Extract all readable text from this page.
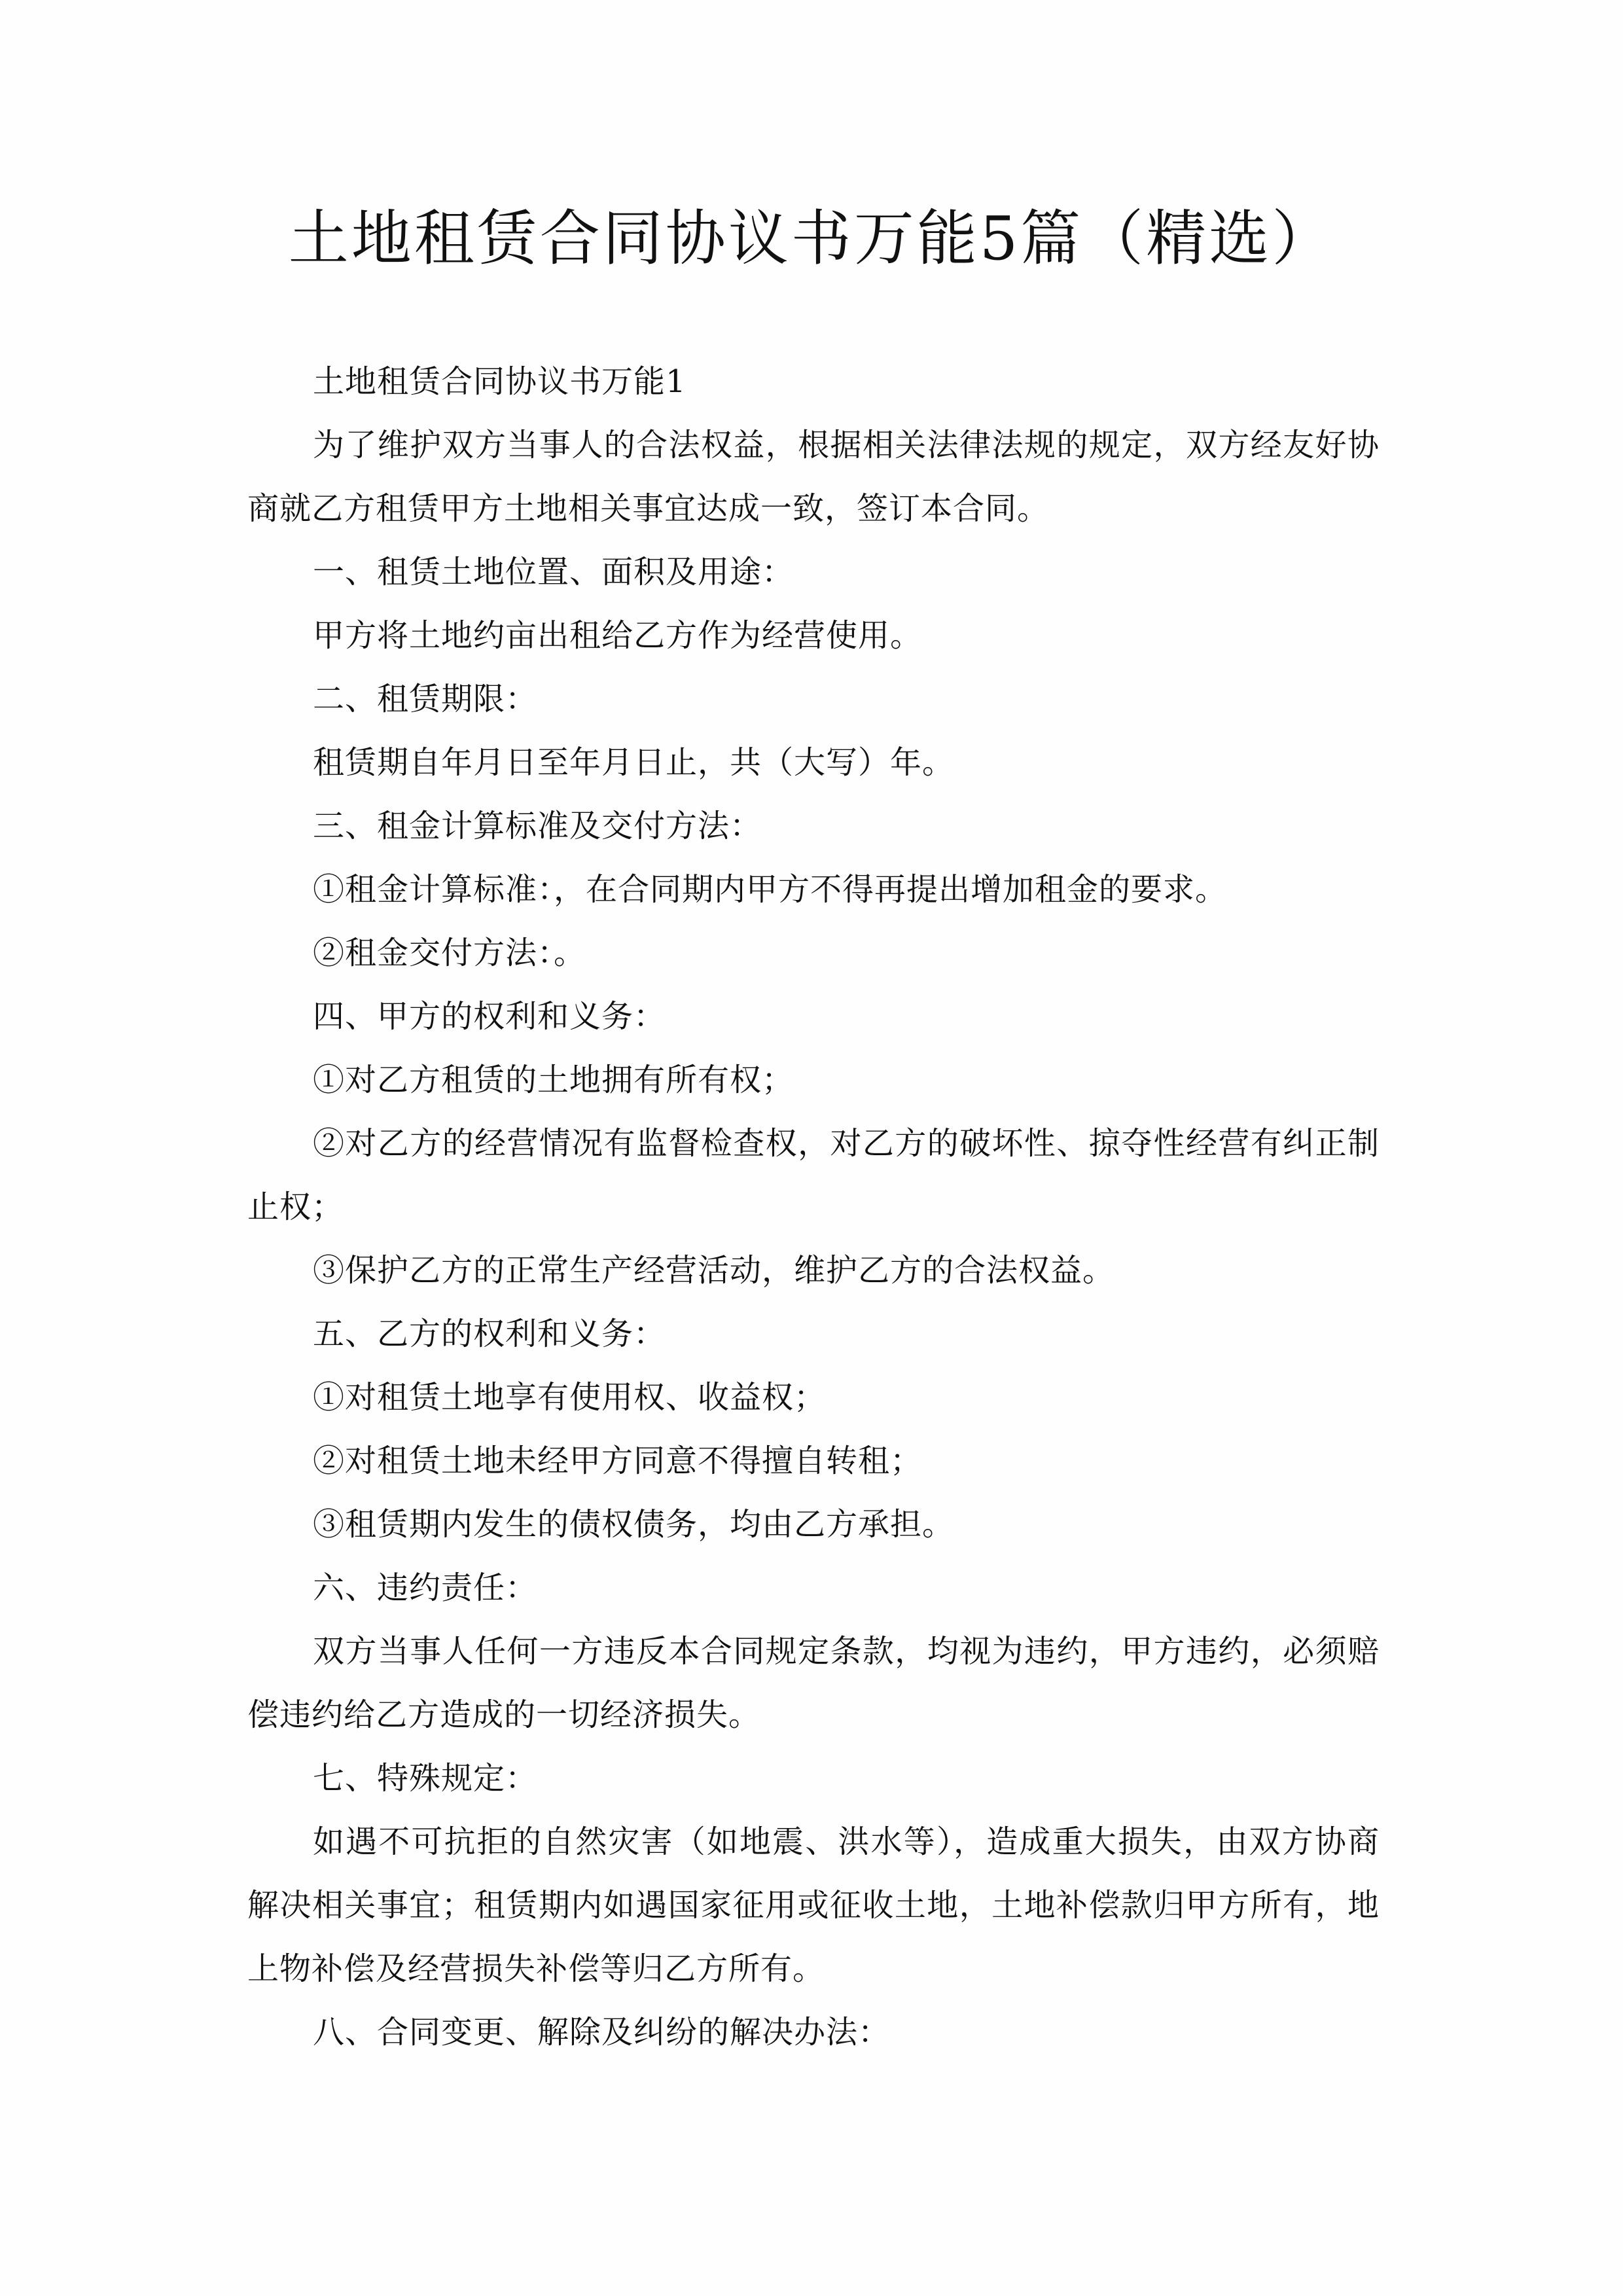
土地租赁合同协议书万能5篇（精选）

土地租赁合同协议书万能1

为了维护双方当事人的合法权益，根据相关法律法规的规定，双方经友好协商就乙方租赁甲方土地相关事宜达成一致，签订本合同。

一、租赁土地位置、面积及用途：

甲方将土地约亩出租给乙方作为经营使用。

二、租赁期限：

租赁期自年月日至年月日止，共（大写）年。

三、租金计算标准及交付方法：

①租金计算标准：，在合同期内甲方不得再提出增加租金的要求。

②租金交付方法：。

四、甲方的权利和义务：

①对乙方租赁的土地拥有所有权；

②对乙方的经营情况有监督检查权，对乙方的破坏性、掠夺性经营有纠正制止权；

③保护乙方的正常生产经营活动，维护乙方的合法权益。

五、乙方的权利和义务：

①对租赁土地享有使用权、收益权；

②对租赁土地未经甲方同意不得擅自转租；

③租赁期内发生的债权债务，均由乙方承担。

六、违约责任：

双方当事人任何一方违反本合同规定条款，均视为违约，甲方违约，必须赔偿违约给乙方造成的一切经济损失。

七、特殊规定：

如遇不可抗拒的自然灾害（如地震、洪水等），造成重大损失，由双方协商解决相关事宜；租赁期内如遇国家征用或征收土地，土地补偿款归甲方所有，地上物补偿及经营损失补偿等归乙方所有。

八、合同变更、解除及纠纷的解决办法：
